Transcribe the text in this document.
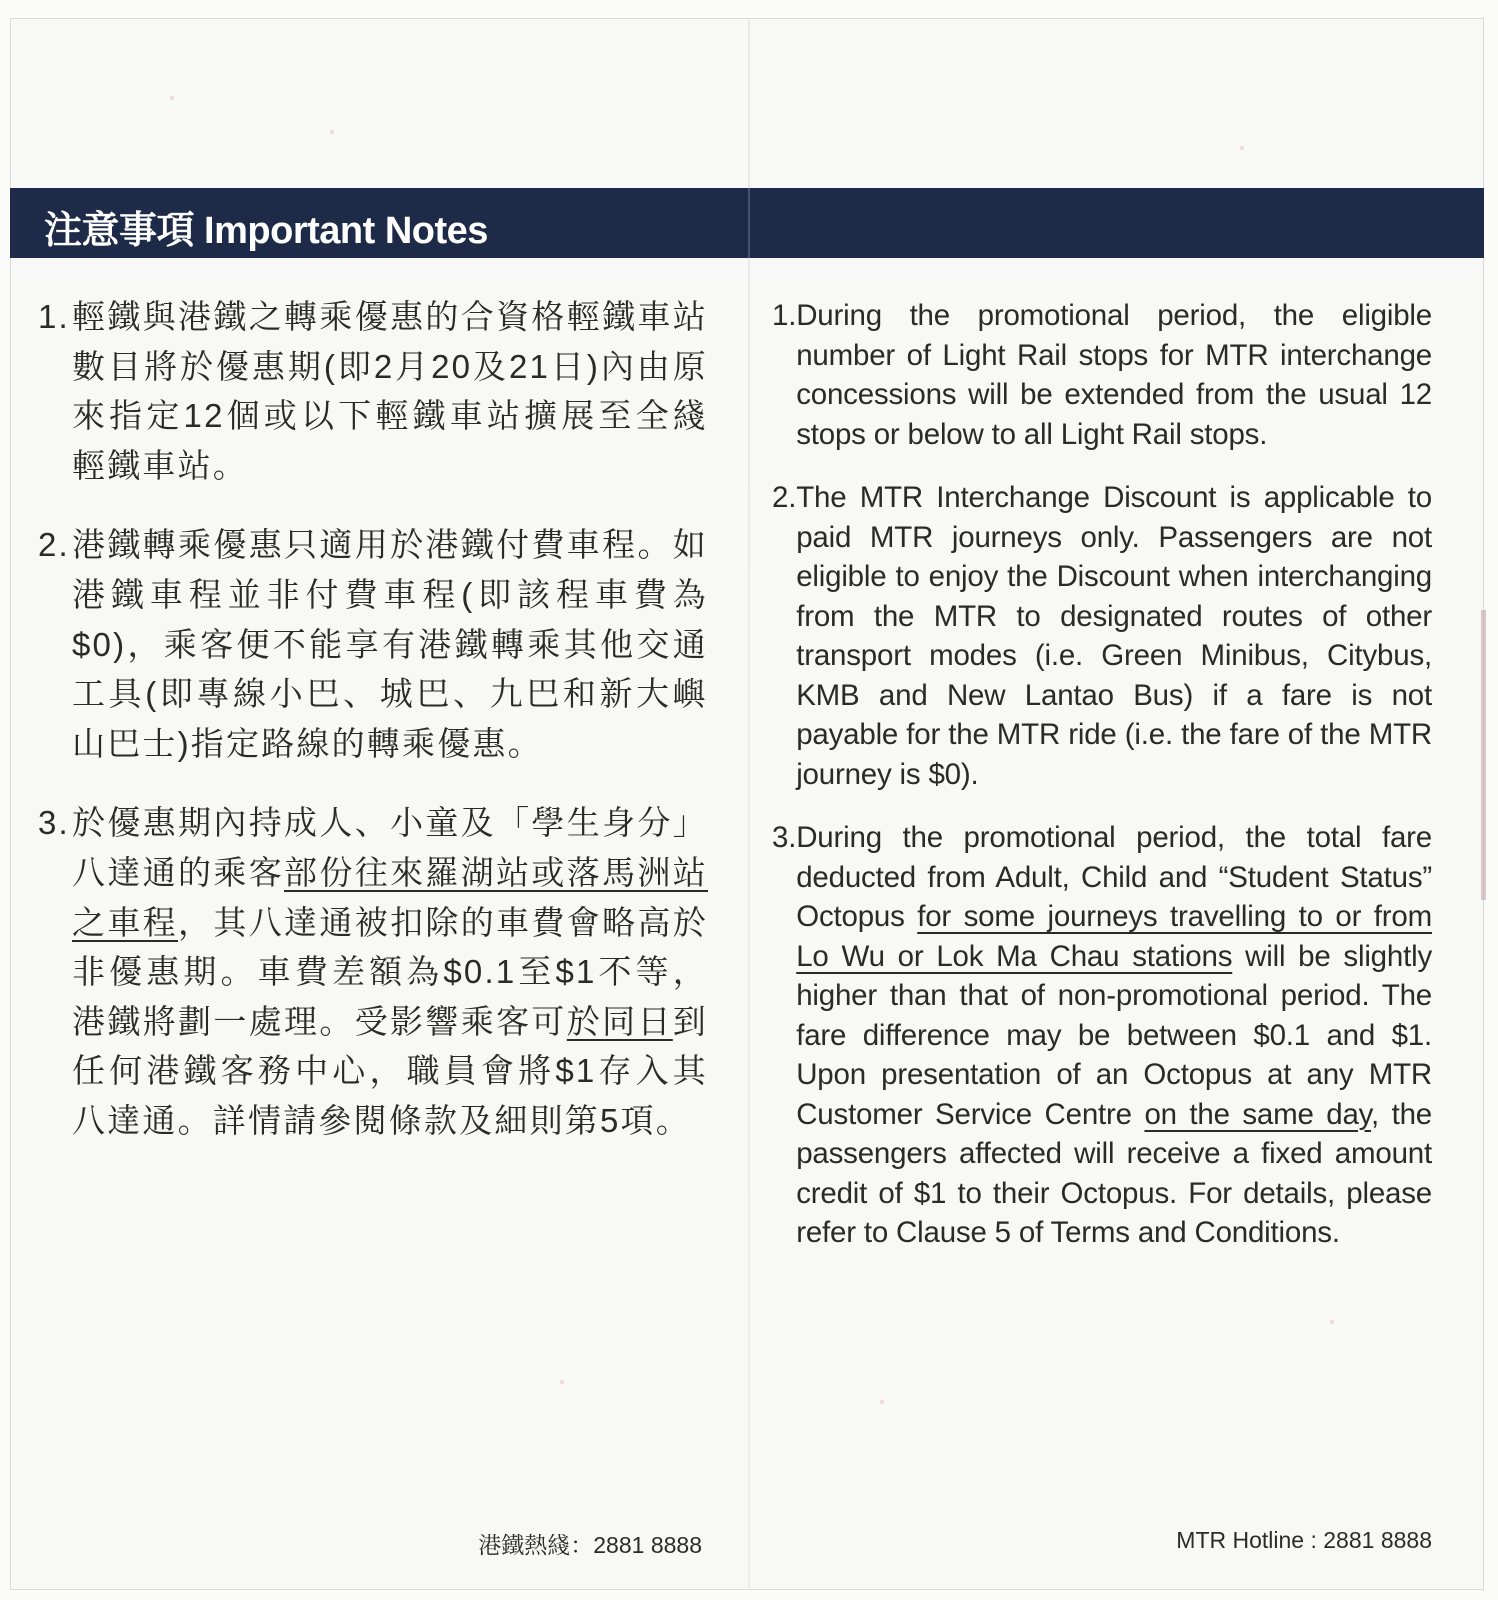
注意事項 Important Notes
1. 輕鐵與港鐵之轉乘優惠的合資格輕鐵車站數目將於優惠期(即2月20及21日)內由原來指定12個或以下輕鐵車站擴展至全綫輕鐵車站。
2. 港鐵轉乘優惠只適用於港鐵付費車程。如港鐵車程並非付費車程(即該程車費為$0)，乘客便不能享有港鐵轉乘其他交通工具(即專線小巴、城巴、九巴和新大嶼山巴士)指定路線的轉乘優惠。
3. 於優惠期內持成人、小童及「學生身分」八達通的乘客部份往來羅湖站或落馬洲站之車程，其八達通被扣除的車費會略高於非優惠期。車費差額為$0.1至$1不等，港鐵將劃一處理。受影響乘客可於同日到任何港鐵客務中心，職員會將$1存入其八達通。詳情請參閱條款及細則第5項。
1. During the promotional period, the eligible number of Light Rail stops for MTR interchange concessions will be extended from the usual 12 stops or below to all Light Rail stops.
2. The MTR Interchange Discount is applicable to paid MTR journeys only. Passengers are not eligible to enjoy the Discount when interchanging from the MTR to designated routes of other transport modes (i.e. Green Minibus, Citybus, KMB and New Lantao Bus) if a fare is not payable for the MTR ride (i.e. the fare of the MTR journey is $0).
3. During the promotional period, the total fare deducted from Adult, Child and “Student Status” Octopus for some journeys travelling to or from Lo Wu or Lok Ma Chau stations will be slightly higher than that of non-promotional period. The fare difference may be between $0.1 and $1. Upon presentation of an Octopus at any MTR Customer Service Centre on the same day, the passengers affected will receive a fixed amount credit of $1 to their Octopus. For details, please refer to Clause 5 of Terms and Conditions.
港鐵熱綫：2881 8888	MTR Hotline : 2881 8888
